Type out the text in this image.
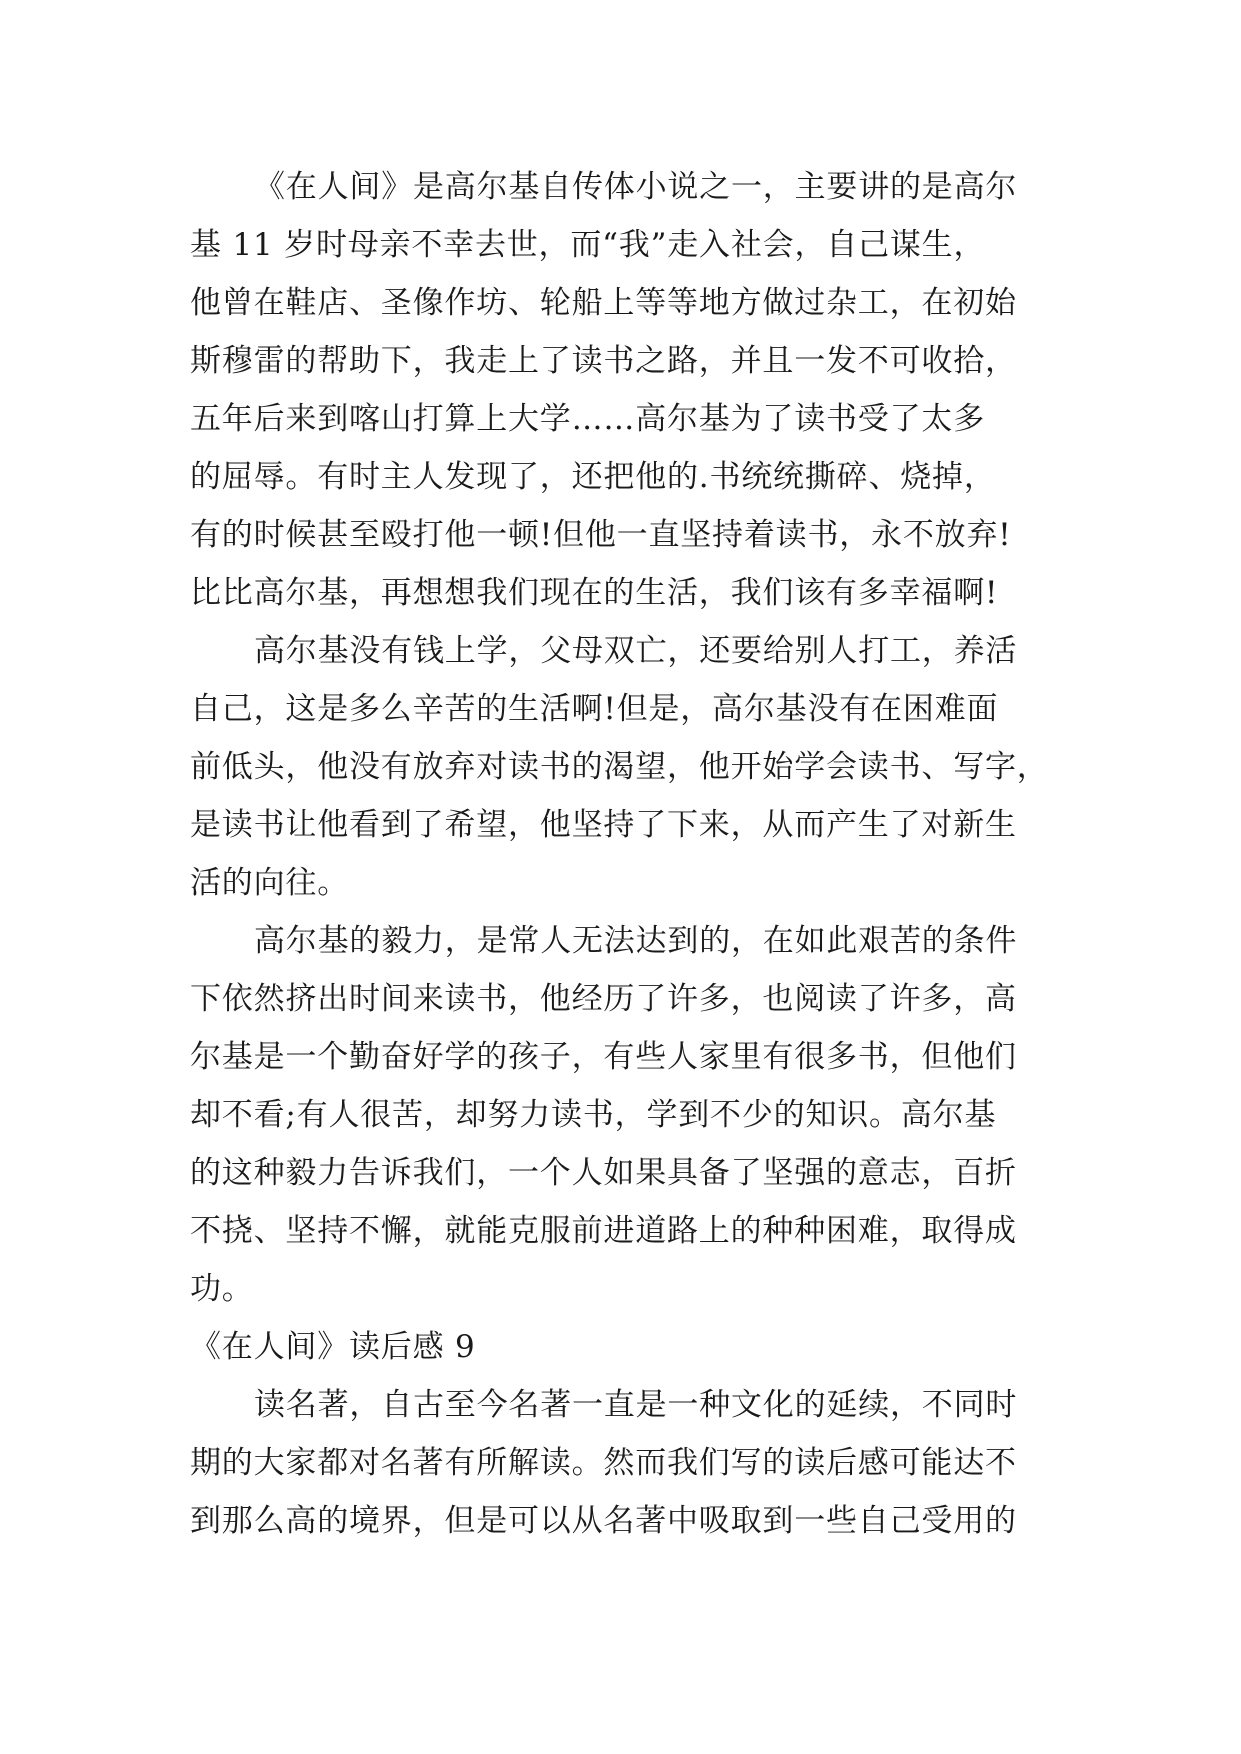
《在人间》是高尔基自传体小说之一，主要讲的是高尔
基 11 岁时母亲不幸去世，而“我”走入社会，自己谋生，
他曾在鞋店、圣像作坊、轮船上等等地方做过杂工，在初始
斯穆雷的帮助下，我走上了读书之路，并且一发不可收拾，
五年后来到喀山打算上大学……高尔基为了读书受了太多
的屈辱。有时主人发现了，还把他的.书统统撕碎、烧掉，
有的时候甚至殴打他一顿!但他一直坚持着读书，永不放弃!
比比高尔基，再想想我们现在的生活，我们该有多幸福啊!
高尔基没有钱上学，父母双亡，还要给别人打工，养活
自己，这是多么辛苦的生活啊!但是，高尔基没有在困难面
前低头，他没有放弃对读书的渴望，他开始学会读书、写字，
是读书让他看到了希望，他坚持了下来，从而产生了对新生
活的向往。
高尔基的毅力，是常人无法达到的，在如此艰苦的条件
下依然挤出时间来读书，他经历了许多，也阅读了许多，高
尔基是一个勤奋好学的孩子，有些人家里有很多书，但他们
却不看;有人很苦，却努力读书，学到不少的知识。高尔基
的这种毅力告诉我们，一个人如果具备了坚强的意志，百折
不挠、坚持不懈，就能克服前进道路上的种种困难，取得成
功。
《在人间》读后感 9
读名著，自古至今名著一直是一种文化的延续，不同时
期的大家都对名著有所解读。然而我们写的读后感可能达不
到那么高的境界，但是可以从名著中吸取到一些自己受用的
